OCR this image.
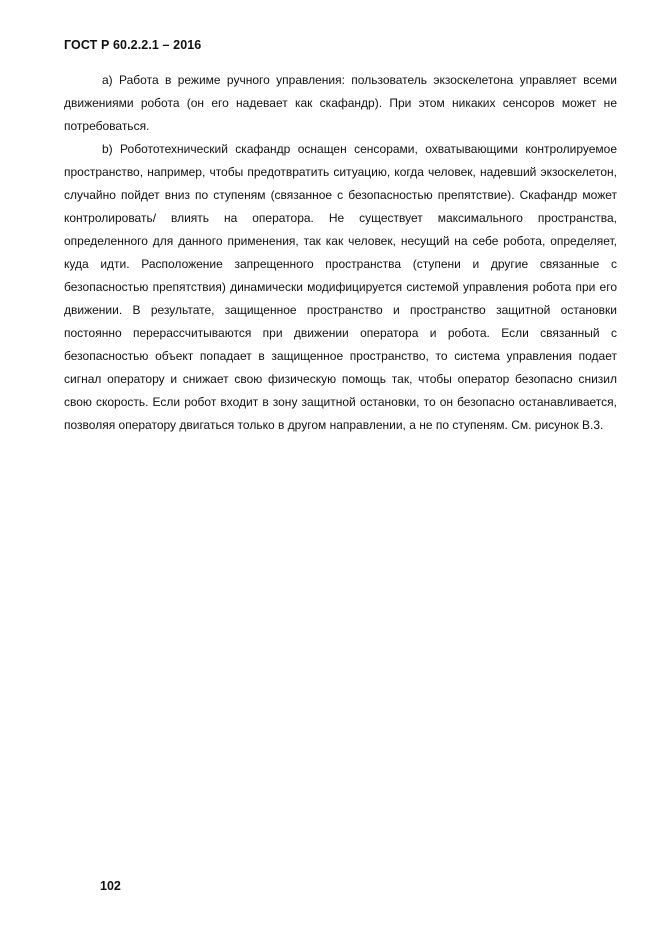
ГОСТ Р 60.2.2.1 – 2016

a) Работа в режиме ручного управления: пользователь экзоскелетона управляет всеми движениями робота (он его надевает как скафандр). При этом никаких сенсоров может не потребоваться.

b) Робототехнический скафандр оснащен сенсорами, охватывающими контролируемое пространство, например, чтобы предотвратить ситуацию, когда человек, надевший экзоскелетон, случайно пойдет вниз по ступеням (связанное с безопасностью препятствие). Скафандр может контролировать/ влиять на оператора. Не существует максимального пространства, определенного для данного применения, так как человек, несущий на себе робота, определяет, куда идти. Расположение запрещенного пространства (ступени и другие связанные с безопасностью препятствия) динамически модифицируется системой управления робота при его движении. В результате, защищенное пространство и пространство защитной остановки постоянно перерассчитываются при движении оператора и робота. Если связанный с безопасностью объект попадает в защищенное пространство, то система управления подает сигнал оператору и снижает свою физическую помощь так, чтобы оператор безопасно снизил свою скорость. Если робот входит в зону защитной остановки, то он безопасно останавливается, позволяя оператору двигаться только в другом направлении, а не по ступеням. См. рисунок В.3.

102
